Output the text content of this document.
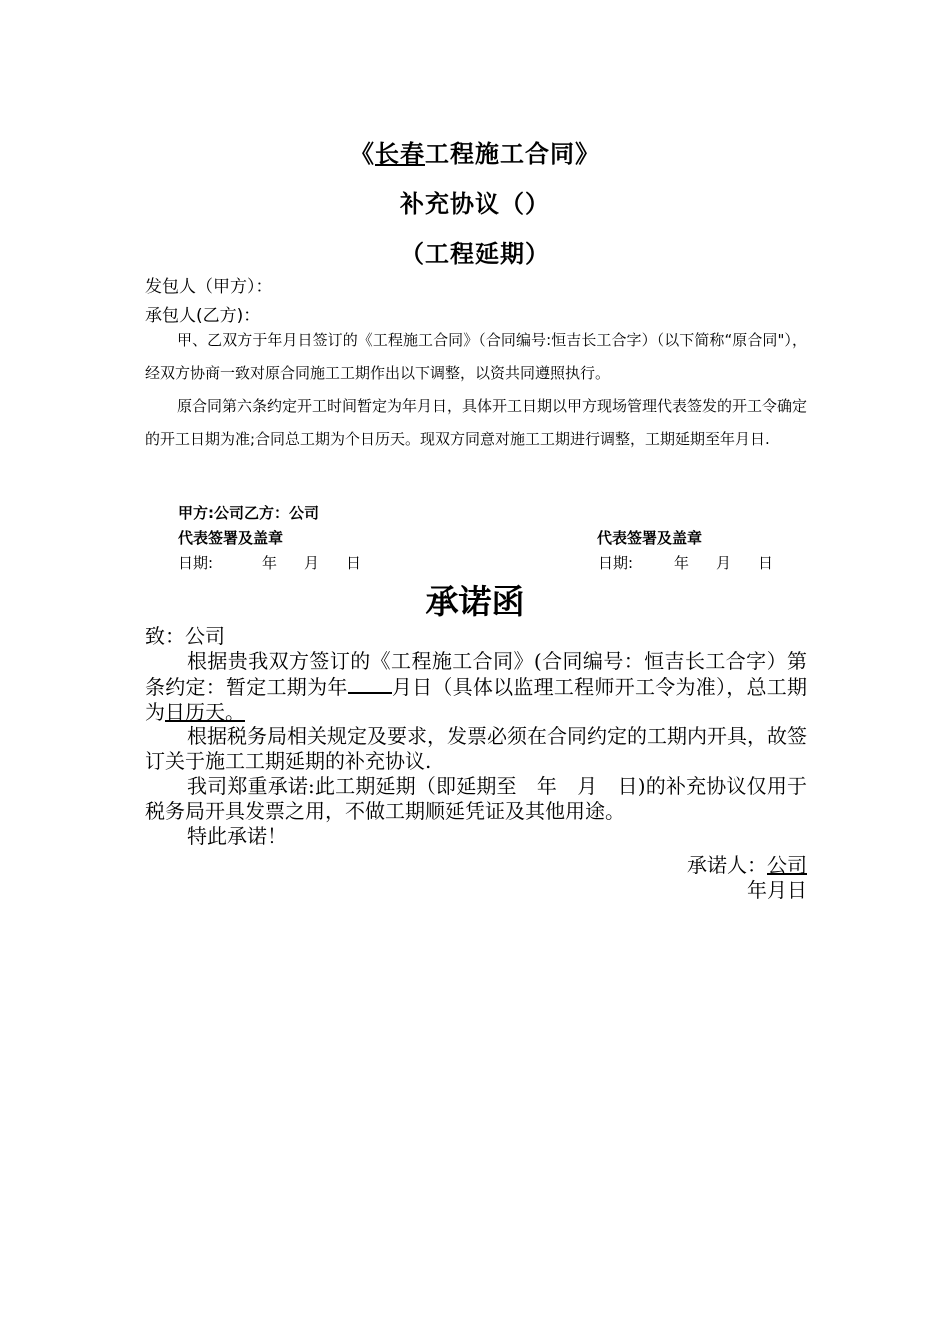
《长春工程施工合同》
补充协议（）
（工程延期）
发包人（甲方）：
承包人(乙方)：
甲、乙双方于年月日签订的《工程施工合同》（合同编号:恒吉长工合字）（以下简称“原合同"），经双方协商一致对原合同施工工期作出以下调整，以资共同遵照执行。
原合同第六条约定开工时间暂定为年月日，具体开工日期以甲方现场管理代表签发的开工令确定的开工日期为准;合同总工期为个日历天。现双方同意对施工工期进行调整，工期延期至年月日.
甲方:公司乙方：公司
代表签署及盖章	代表签署及盖章
日期:	年 月 日	日期:	年 月 日
承诺函
致：公司
根据贵我双方签订的《工程施工合同》(合同编号：恒吉长工合字）第条约定：暂定工期为年 月日（具体以监理工程师开工令为准），总工期为日历天。
根据税务局相关规定及要求，发票必须在合同约定的工期内开具，故签订关于施工工期延期的补充协议.
我司郑重承诺:此工期延期（即延期至　年　月　日)的补充协议仅用于税务局开具发票之用，不做工期顺延凭证及其他用途。
特此承诺！
承诺人：公司
年月日
